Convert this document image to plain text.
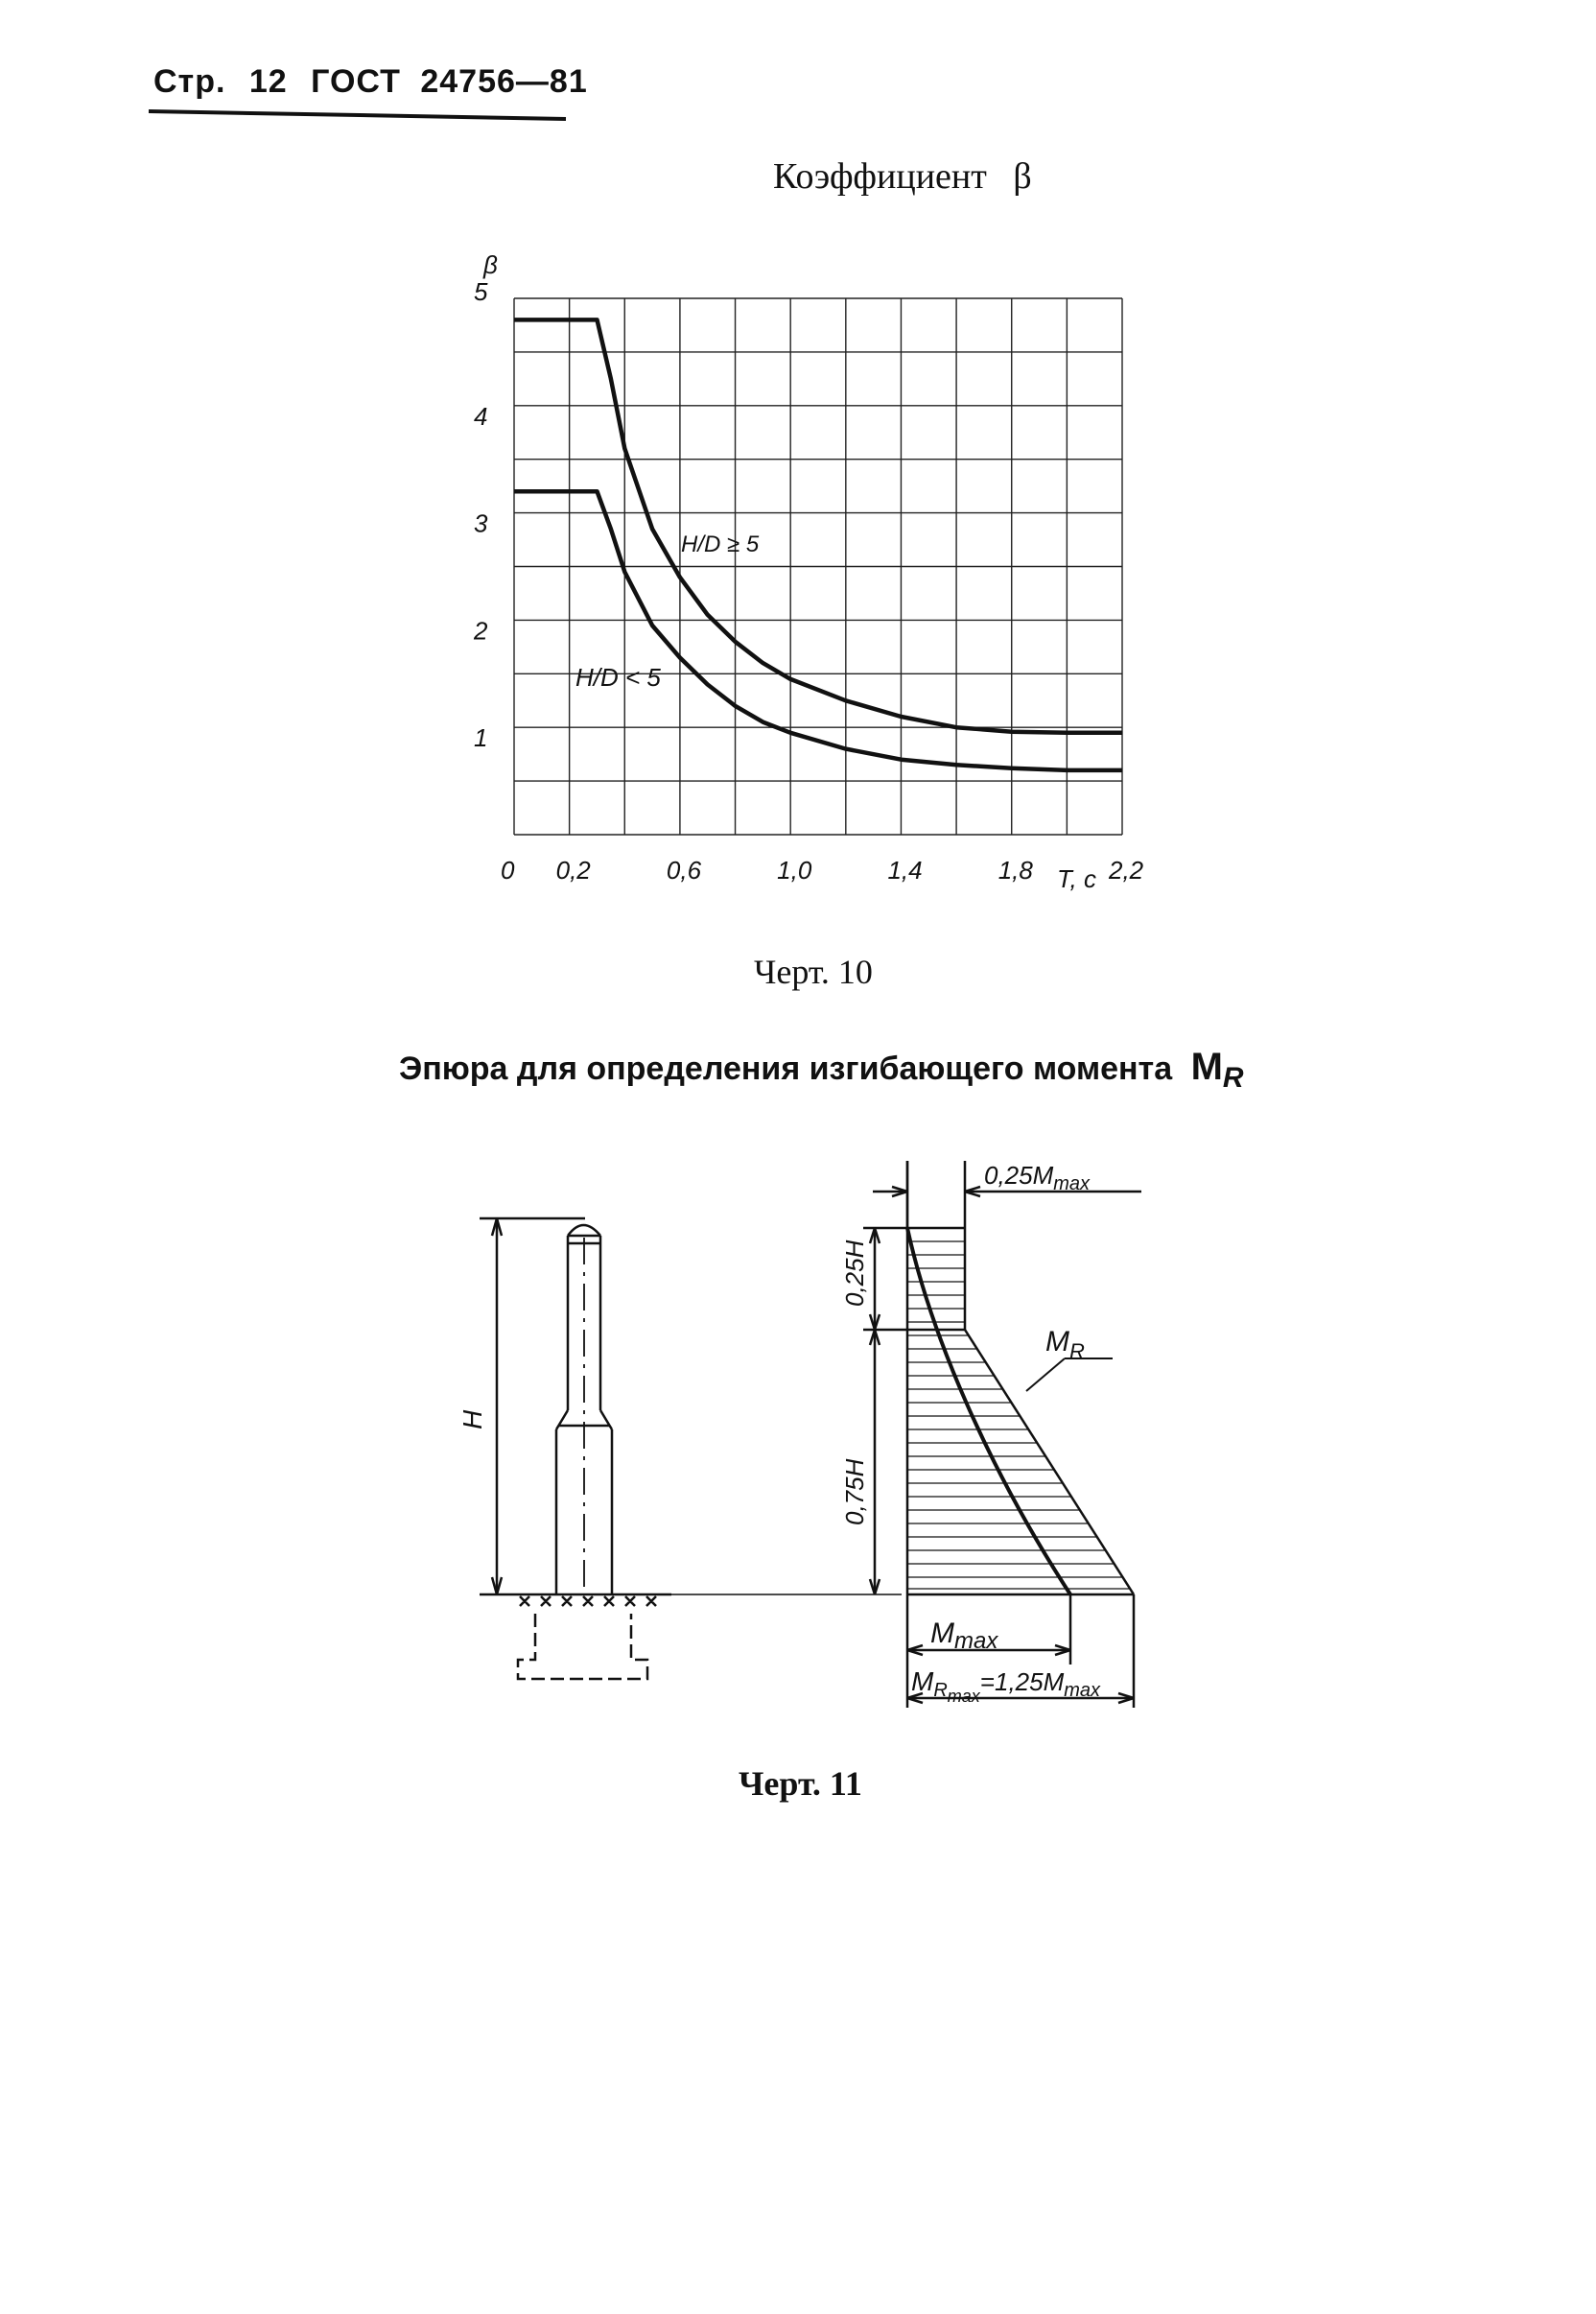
Стр. 12 ГОСТ 24756—81
Коэффициент β
0 0,2	0,6	1,0	1,4	1,8	2,2
1
2
3
4
5
β
T, c
H/D ≥ 5
H/D < 5
Черт. 10
Эпюра для определения изгибающего момента $M_R$
H
0,25H
0,75H
$0,25M_{max}$
$M_R$
$M_{max}$
$M_{Rmax}=1,25M_{max}$
Черт. 11
